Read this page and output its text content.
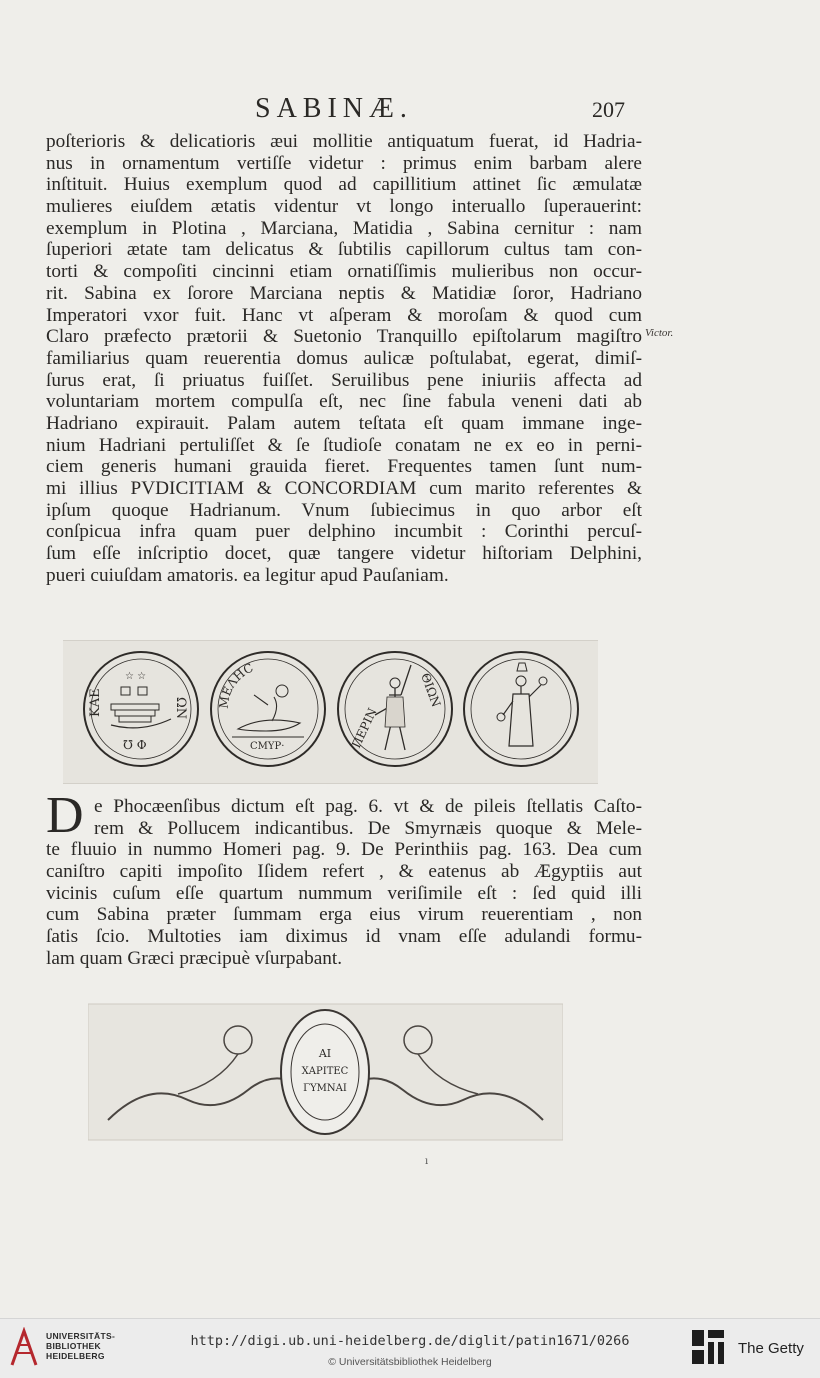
SABINÆ.	207
poſterioris & delicatioris æui mollitie antiquatum fuerat, id Hadria-
nus in ornamentum vertiſſe videtur : primus enim barbam alere
inſtituit. Huius exemplum quod ad capillitium attinet ſic æmulatæ
mulieres eiuſdem ætatis videntur vt longo interuallo ſuperauerint:
exemplum in Plotina , Marciana, Matidia , Sabina cernitur : nam
ſuperiori ætate tam delicatus & ſubtilis capillorum cultus tam con-
torti & compoſiti cincinni etiam ornatiſſimis mulieribus non occur-
rit. Sabina ex ſorore Marciana neptis & Matidiæ ſoror, Hadriano
Imperatori vxor fuit. Hanc vt aſperam & moroſam & quod cum
Claro præfecto prætorii & Suetonio Tranquillo epiſtolarum magiſtro
familiarius quam reuerentia domus aulicæ poſtulabat, egerat, dimiſ-
ſurus erat, ſi priuatus fuiſſet. Seruilibus pene iniuriis affecta ad
voluntariam mortem compulſa eſt, nec ſine fabula veneni dati ab
Hadriano expirauit. Palam autem teſtata eſt quam immane inge-
nium Hadriani pertuliſſet & ſe ſtudioſe conatam ne ex eo in perni-
ciem generis humani grauida fieret. Frequentes tamen ſunt num-
mi illius PVDICITIAM & CONCORDIAM cum marito referentes &
ipſum quoque Hadrianum. Vnum ſubiecimus in quo arbor eſt
conſpicua infra quam puer delphino incumbit : Corinthi percuſ-
ſum eſſe inſcriptio docet, quæ tangere videtur hiſtoriam Delphini,
pueri cuiuſdam amatoris. ea legitur apud Pauſaniam.
Victor.
☆ ☆
ΚΑΕ	ΩΝ
℧ Φ
ΜΕΛΗϹ
ϹΜΥΡ·	ΠΕΡΙΝ
ΘΙΩΝ
D e Phocæenſibus dictum eſt pag. 6. vt & de pileis ſtellatis Caſto-
rem & Pollucem indicantibus. De Smyrnæis quoque & Mele-
te fluuio in nummo Homeri pag. 9. De Perinthiis pag. 163. Dea cum
caniſtro capiti impoſito Iſidem refert , & eatenus ab Ægyptiis aut
vicinis cuſum eſſe quartum nummum veriſimile eſt : ſed quid illi
cum Sabina præter ſummam erga eius virum reuerentiam , non
ſatis ſcio. Multoties iam diximus id vnam eſſe adulandi formu-
lam quam Græci præcipuè vſurpabant.
ΑΙ
ΧΑΡΙΤΕϹ
ΓΥΜΝΑΙ
ı
UNIVERSITÄTS-
BIBLIOTHEK
HEIDELBERG
http://digi.ub.uni-heidelberg.de/diglit/patin1671/0266
© Universitätsbibliothek Heidelberg
The Getty
